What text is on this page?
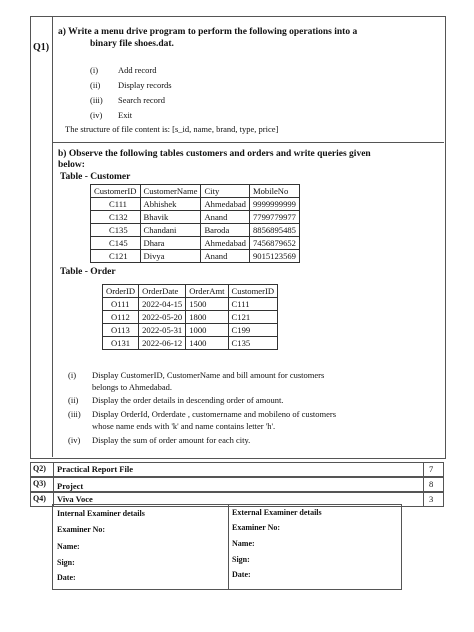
Q1)
a) Write a menu drive program to perform the following operations into a
binary file shoes.dat.
(i) Add record
(ii) Display records
(iii) Search record
(iv) Exit
The structure of file content is: [s_id, name, brand, type, price]
b) Observe the following tables customers and orders and write queries given
below:
Table - Customer
CustomerID	CustomerName	City	MobileNo
C111	Abhishek	Ahmedabad	9999999999
C132	Bhavik	Anand	7799779977
C135	Chandani	Baroda	8856895485
C145	Dhara	Ahmedabad	7456879652
C121	Divya	Anand	9015123569
Table - Order
OrderID	OrderDate	OrderAmt	CustomerID
O111	2022-04-15	1500	C111
O112	2022-05-20	1800	C121
O113	2022-05-31	1000	C199
O131	2022-06-12	1400	C135
(i) Display CustomerID, CustomerName and bill amount for customers
belongs to Ahmedabad.
(ii) Display the order details in descending order of amount.
(iii) Display OrderId, Orderdate , customername and mobileno of customers
whose name ends with 'k' and name contains letter 'h'.
(iv) Display the sum of order amount for each city.
Q2) Practical Report File	7
Q3) Project	8
Q4) Viva Voce	3
Internal Examiner details
Examiner No:
Name:
Sign:
Date:
External Examiner details
Examiner No:
Name:
Sign:
Date:
